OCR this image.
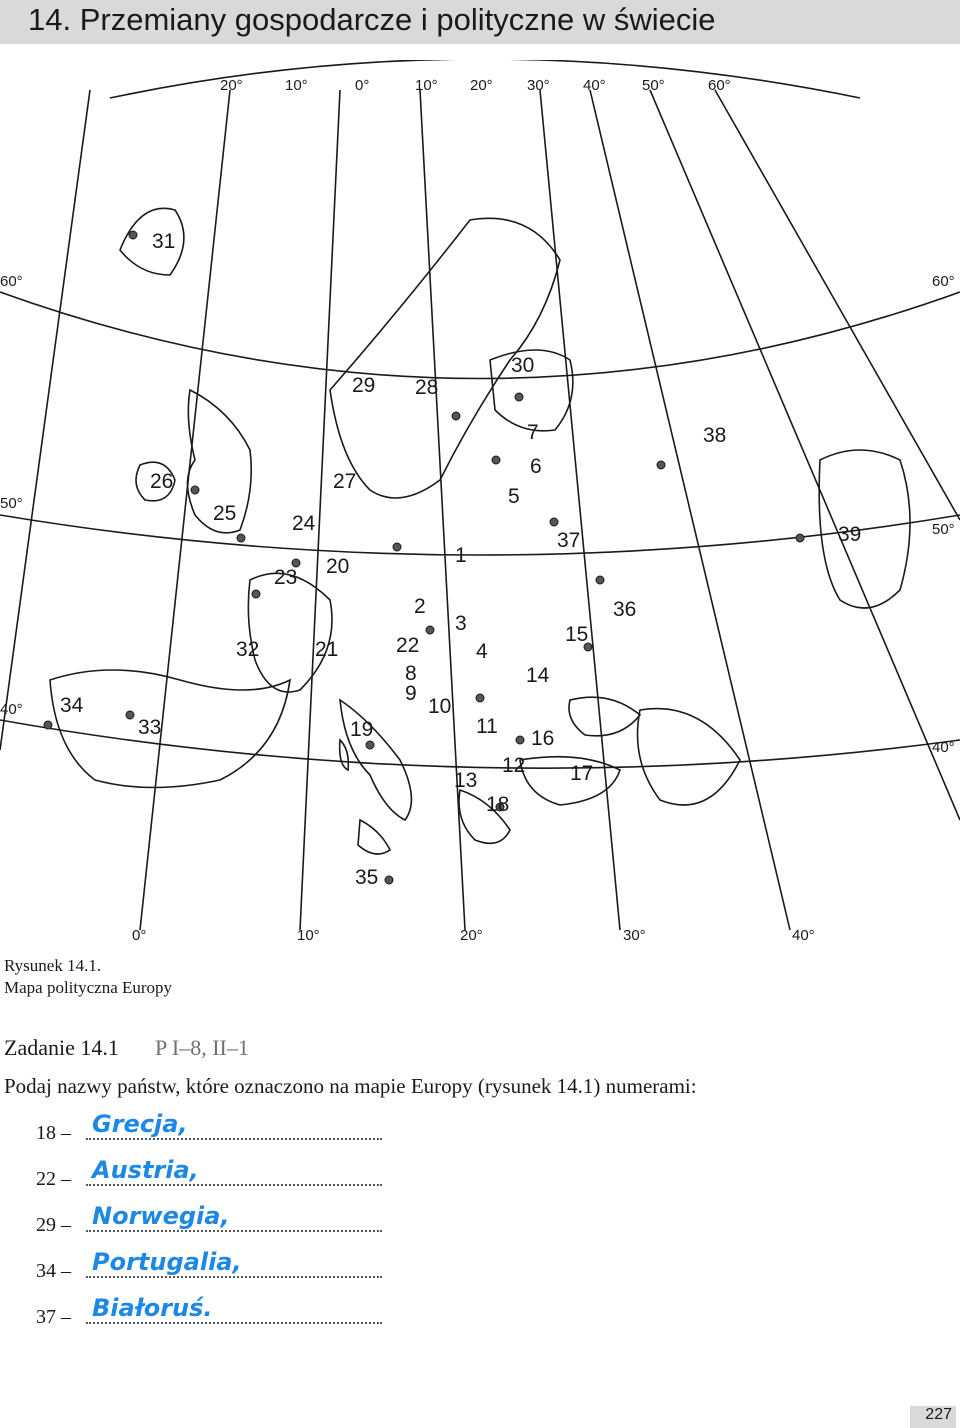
14. Przemiany gospodarcze i polityczne w świecie
20°	10°	0°	10° 20° 30° 40° 50°	60°
0°	10°	20°	30°	40°
60°
50°
40°
60°
50°
40°
1
2
3
4
5
6
7
8
9
10
11
12
13
14
15
16
17
18
19
20
21	22
23
24
25
26	27
28
29
30
31
32
33
34
35
36
37
38
39
Rysunek 14.1.
Mapa polityczna Europy
Zadanie 14.1 P I–8, II–1
Podaj nazwy państw, które oznaczono na mapie Europy (rysunek 14.1) numerami:
18 – Grecja,
22 – Austria,
29 – Norwegia,
34 – Portugalia,
37 – Białoruś.
227
